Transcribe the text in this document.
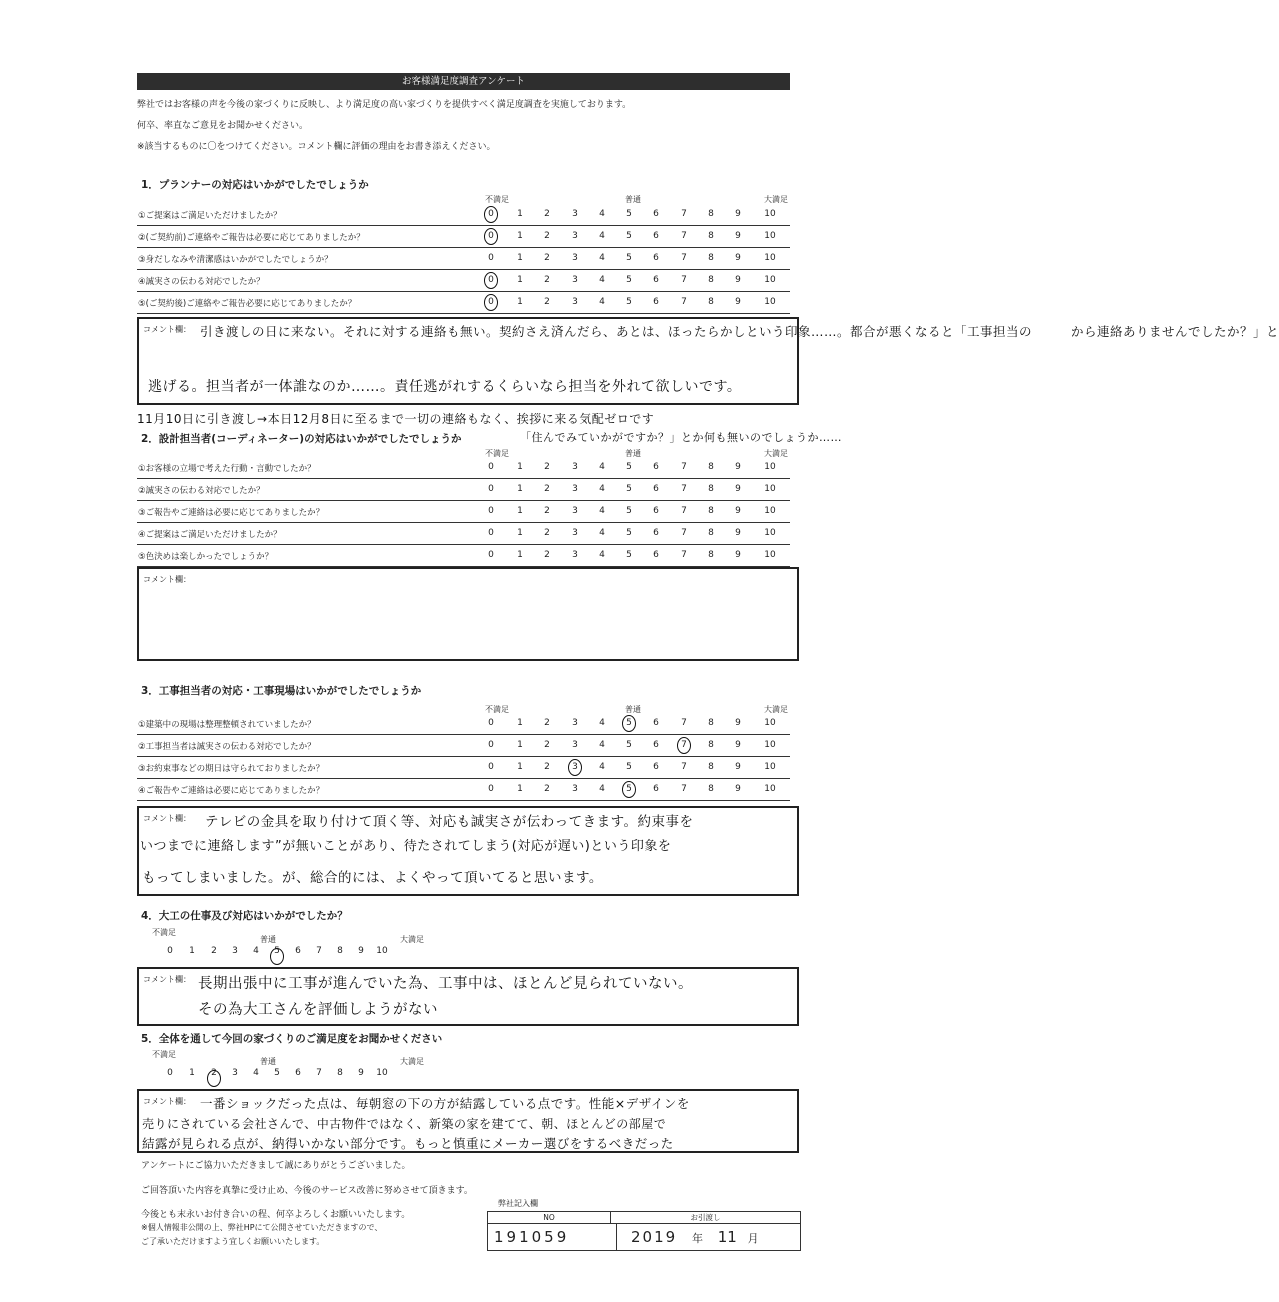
お客様満足度調査アンケート
弊社ではお客様の声を今後の家づくりに反映し、より満足度の高い家づくりを提供すべく満足度調査を実施しております。
何卒、率直なご意見をお聞かせください。
※該当するものに〇をつけてください。コメント欄に評価の理由をお書き添えください。
1．プランナーの対応はいかがでしたでしょうか
不満足	普通	大満足
①ご提案はご満足いただけましたか？	0	1	2	3	4	5	6	7	8	9	10
②(ご契約前)ご連絡やご報告は必要に応じてありましたか？	0	1	2	3	4	5	6	7	8	9	10
③身だしなみや清潔感はいかがでしたでしょうか？	0	1	2	3	4	5	6	7	8	9	10
④誠実さの伝わる対応でしたか？	0	1	2	3	4	5	6	7	8	9	10
⑤(ご契約後)ご連絡やご報告必要に応じてありましたか？	0	1	2	3	4	5	6	7	8	9	10
コメント欄： 引き渡しの日に来ない。それに対する連絡も無い。契約さえ済んだら、あとは、ほったらかしという印象……。都合が悪くなると「工事担当の　　　から連絡ありませんでしたか？」と
逃げる。担当者が一体誰なのか……。責任逃がれするくらいなら担当を外れて欲しいです。
11月10日に引き渡し→本日12月8日に至るまで一切の連絡もなく、挨拶に来る気配ゼロです
「住んでみていかがですか？」とか何も無いのでしょうか……
2．設計担当者(コーディネーター)の対応はいかがでしたでしょうか
不満足	普通	大満足
①お客様の立場で考えた行動・言動でしたか？	0	1	2	3	4	5	6	7	8	9	10
②誠実さの伝わる対応でしたか？	0	1	2	3	4	5	6	7	8	9	10
③ご報告やご連絡は必要に応じてありましたか？	0	1	2	3	4	5	6	7	8	9	10
④ご提案はご満足いただけましたか？	0	1	2	3	4	5	6	7	8	9	10
⑤色決めは楽しかったでしょうか？	0	1	2	3	4	5	6	7	8	9	10
コメント欄：
3．工事担当者の対応・工事現場はいかがでしたでしょうか
不満足	普通	大満足
①建築中の現場は整理整頓されていましたか？	0	1	2	3	4	5	6	7	8	9	10
②工事担当者は誠実さの伝わる対応でしたか？	0	1	2	3	4	5	6	7	8	9	10
③お約束事などの期日は守られておりましたか？	0	1	2	3	4	5	6	7	8	9	10
④ご報告やご連絡は必要に応じてありましたか？	0	1	2	3	4	5	6	7	8	9	10
コメント欄： テレビの金具を取り付けて頂く等、対応も誠実さが伝わってきます。約束事を
いつまでに連絡します”が無いことがあり、待たされてしまう(対応が遅い)という印象を
もってしまいました。が、総合的には、よくやって頂いてると思います。
4．大工の仕事及び対応はいかがでしたか？
不満足
普通	大満足
0	1	2	3	4	5	6	7	8	9	10
コメント欄： 長期出張中に工事が進んでいた為、工事中は、ほとんど見られていない。
その為大工さんを評価しようがない
5．全体を通して今回の家づくりのご満足度をお聞かせください
不満足
普通	大満足
0	1	2	3	4	5	6	7	8	9	10
コメント欄： 一番ショックだった点は、毎朝窓の下の方が結露している点です。性能×デザインを
売りにされている会社さんで、中古物件ではなく、新築の家を建てて、朝、ほとんどの部屋で
結露が見られる点が、納得いかない部分です。もっと慎重にメーカー選びをするべきだった
アンケートにご協力いただきまして誠にありがとうございました。
ご回答頂いた内容を真摯に受け止め、今後のサービス改善に努めさせて頂きます。
今後とも末永いお付き合いの程、何卒よろしくお願いいたします。
※個人情報非公開の上、弊社HPにて公開させていただきますので、
ご了承いただけますよう宜しくお願いいたします。
弊社記入欄
NO	お引渡し
191059	2019 年 11 月
